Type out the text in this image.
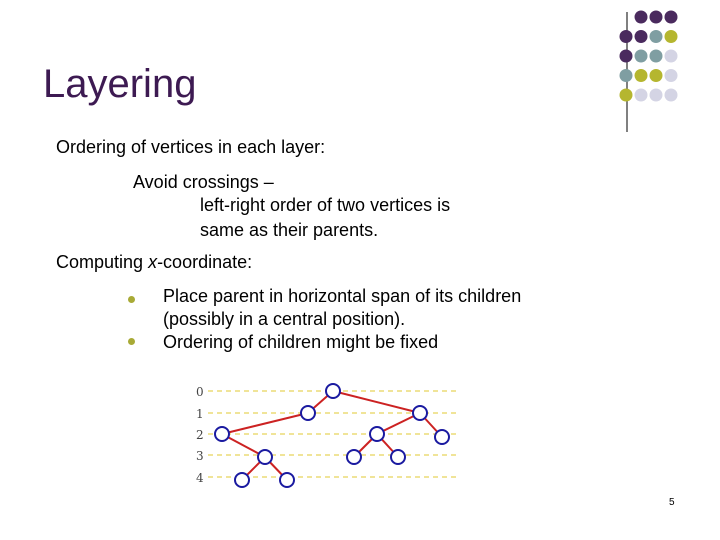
Layering
Ordering of vertices in each layer:
Avoid crossings –
left-right order of two vertices is
same as their parents.
Computing x-coordinate:
Place parent in horizontal span of its children
(possibly in a central position).
Ordering of children might be fixed
0
1
2
3
4
5
